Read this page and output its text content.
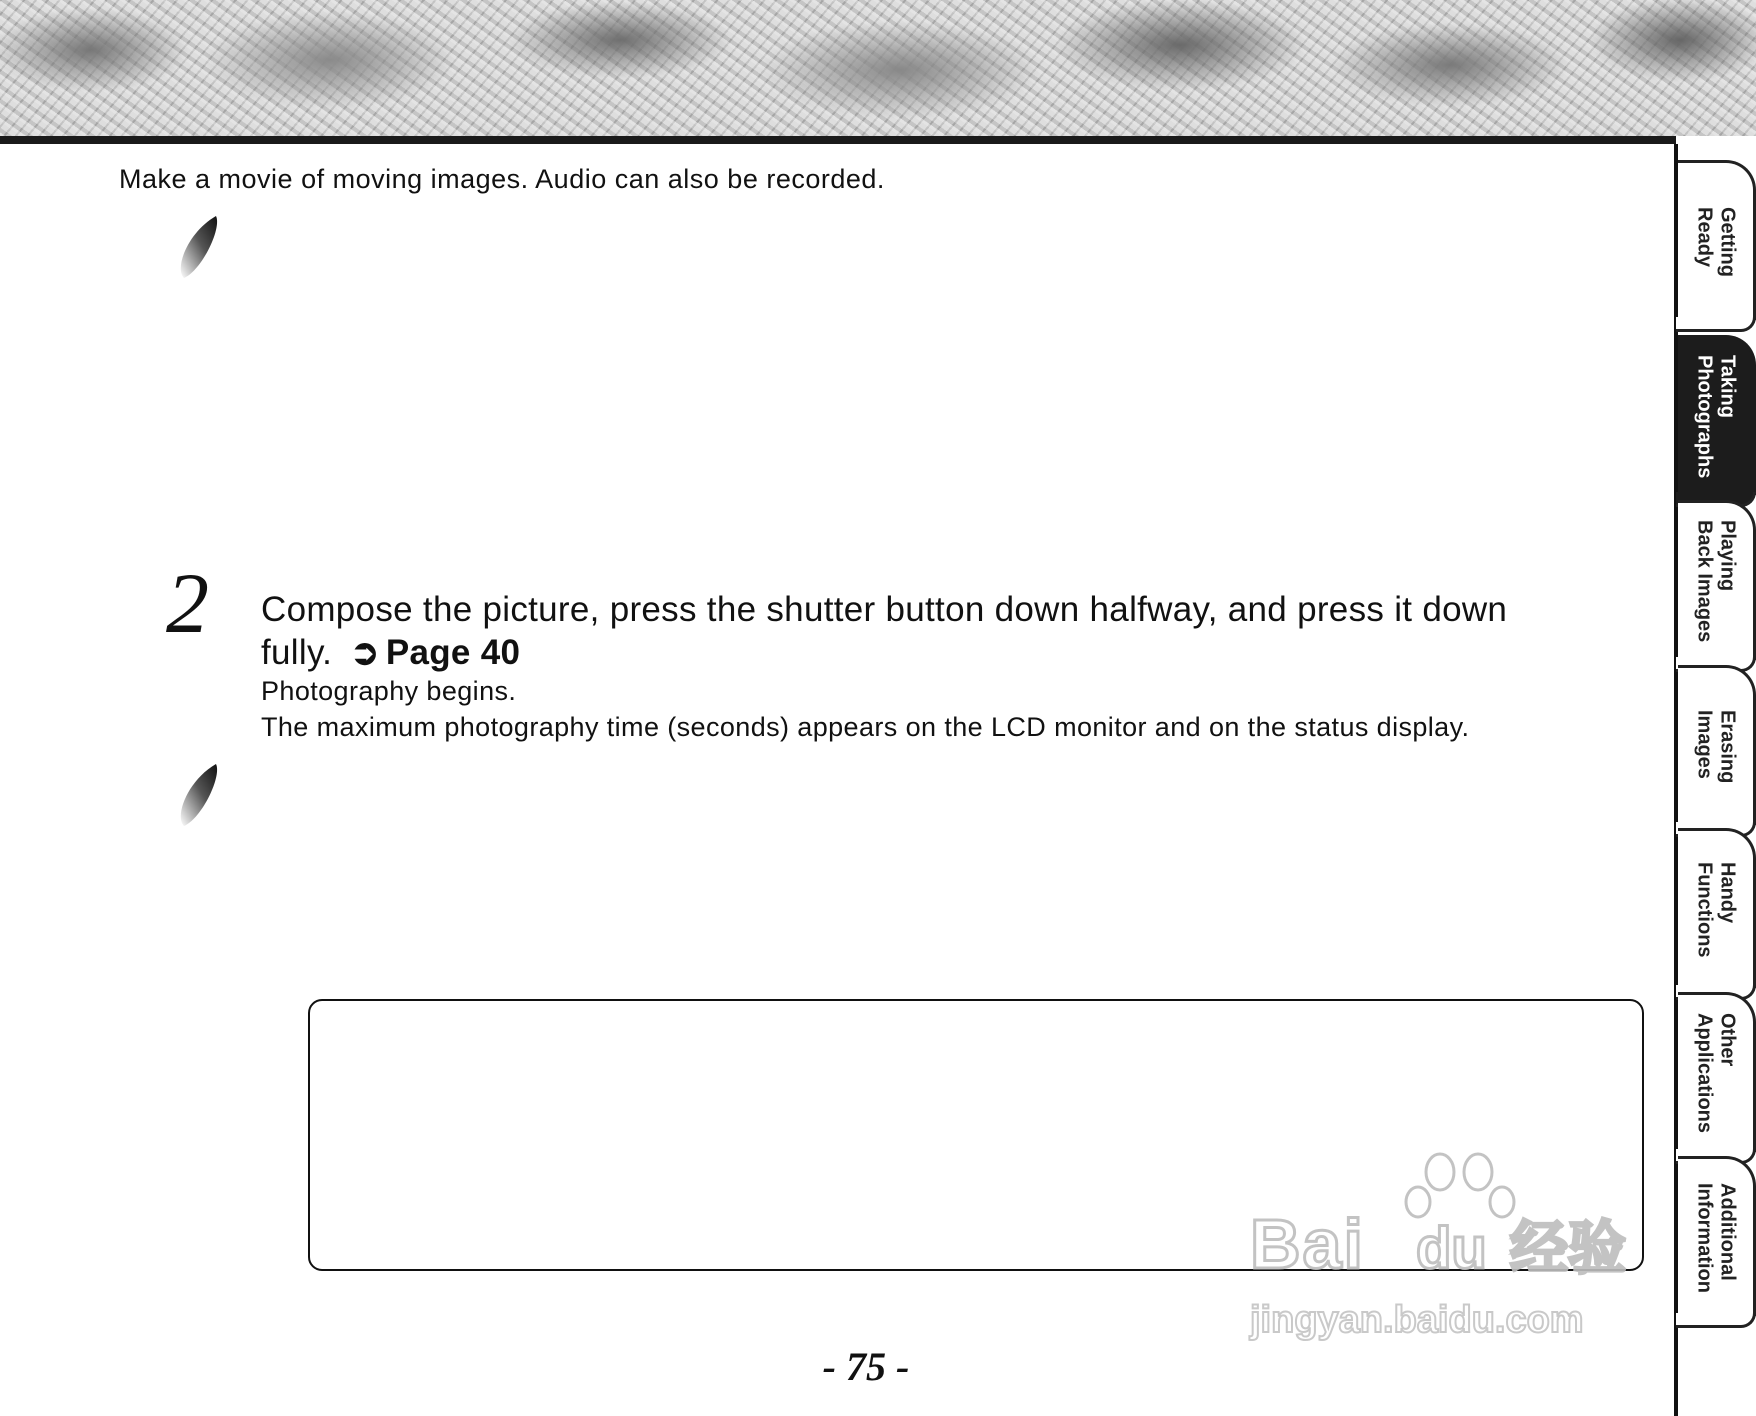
Make a movie of moving images. Audio can also be recorded.
2 Compose the picture, press the shutter button down halfway, and press it down fully. ➲ Page 40
Photography begins.
The maximum photography time (seconds) appears on the LCD monitor and on the status display.
Bai du 经验
jingyan.baidu.com
- 75 -
Getting
Ready
Taking
Photographs
Playing
Back Images
Erasing
Images
Handy
Functions
Other
Applications
Additional
Information
